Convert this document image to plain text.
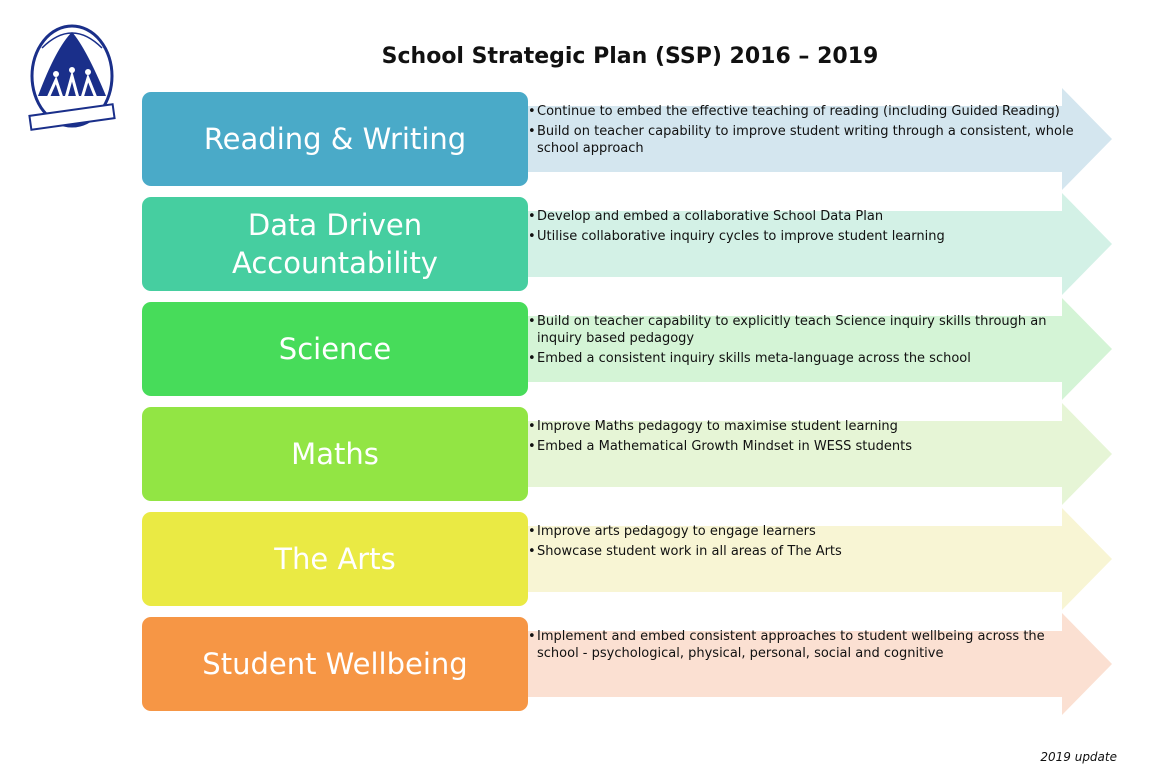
School Strategic Plan (SSP) 2016 – 2019
Reading & Writing
• Continue to embed the effective teaching of reading (including Guided Reading)
• Build on teacher capability to improve student writing through a consistent, whole school approach
Data Driven Accountability
• Develop and embed a collaborative School Data Plan
• Utilise collaborative inquiry cycles to improve student learning
Science
• Build on teacher capability to explicitly teach Science inquiry skills through an inquiry based pedagogy
• Embed a consistent inquiry skills meta-language across the school
Maths
• Improve Maths pedagogy to maximise student learning
• Embed a Mathematical Growth Mindset in WESS students
The Arts
• Improve arts pedagogy to engage learners
• Showcase student work in all areas of The Arts
Student Wellbeing
• Implement and embed consistent approaches to student wellbeing across the school - psychological, physical, personal, social and cognitive
2019 update
